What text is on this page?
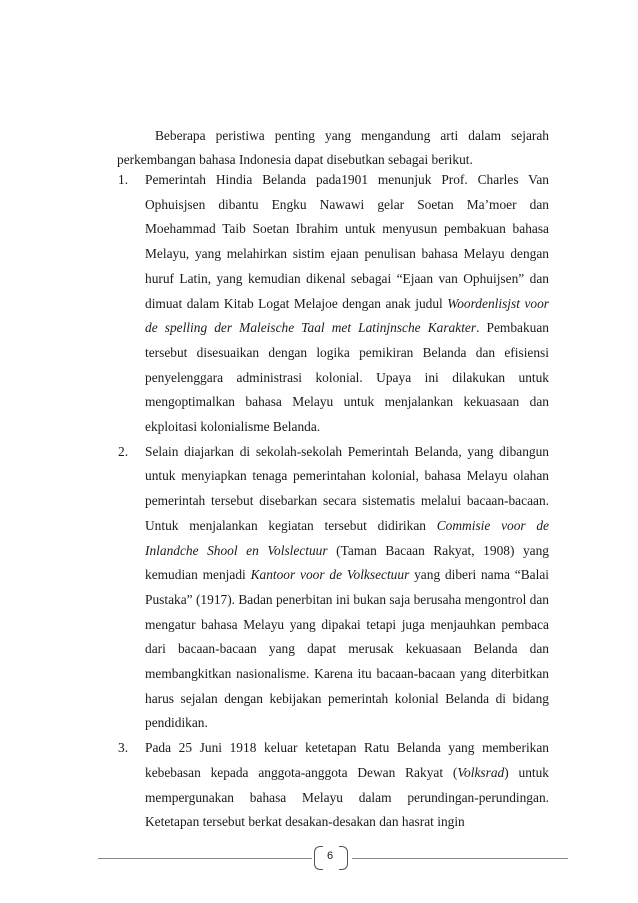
Beberapa peristiwa penting yang mengandung arti dalam sejarah perkembangan bahasa Indonesia dapat disebutkan sebagai berikut.

1. Pemerintah Hindia Belanda pada1901 menunjuk Prof. Charles Van Ophuisjsen dibantu Engku Nawawi gelar Soetan Ma’moer dan Moehammad Taib Soetan Ibrahim untuk menyusun pembakuan bahasa Melayu, yang melahirkan sistim ejaan penulisan bahasa Melayu dengan huruf Latin, yang kemudian dikenal sebagai “Ejaan van Ophuijsen” dan dimuat dalam Kitab Logat Melajoe dengan anak judul Woordenlisjst voor de spelling der Maleische Taal met Latinjnsche Karakter. Pembakuan tersebut disesuaikan dengan logika pemikiran Belanda dan efisiensi penyelenggara administrasi kolonial. Upaya ini dilakukan untuk mengoptimalkan bahasa Melayu untuk menjalankan kekuasaan dan ekploitasi kolonialisme Belanda.
2. Selain diajarkan di sekolah-sekolah Pemerintah Belanda, yang dibangun untuk menyiapkan tenaga pemerintahan kolonial, bahasa Melayu olahan pemerintah tersebut disebarkan secara sistematis melalui bacaan-bacaan. Untuk menjalankan kegiatan tersebut didirikan Commisie voor de Inlandche Shool en Volslectuur (Taman Bacaan Rakyat, 1908) yang kemudian menjadi Kantoor voor de Volksectuur yang diberi nama “Balai Pustaka” (1917). Badan penerbitan ini bukan saja berusaha mengontrol dan mengatur bahasa Melayu yang dipakai tetapi juga menjauhkan pembaca dari bacaan-bacaan yang dapat merusak kekuasaan Belanda dan membangkitkan nasionalisme. Karena itu bacaan-bacaan yang diterbitkan harus sejalan dengan kebijakan pemerintah kolonial Belanda di bidang pendidikan.
3. Pada 25 Juni 1918 keluar ketetapan Ratu Belanda yang memberikan kebebasan kepada anggota-anggota Dewan Rakyat (Volksrad) untuk mempergunakan bahasa Melayu dalam perundingan-perundingan. Ketetapan tersebut berkat desakan-desakan dan hasrat ingin
6
